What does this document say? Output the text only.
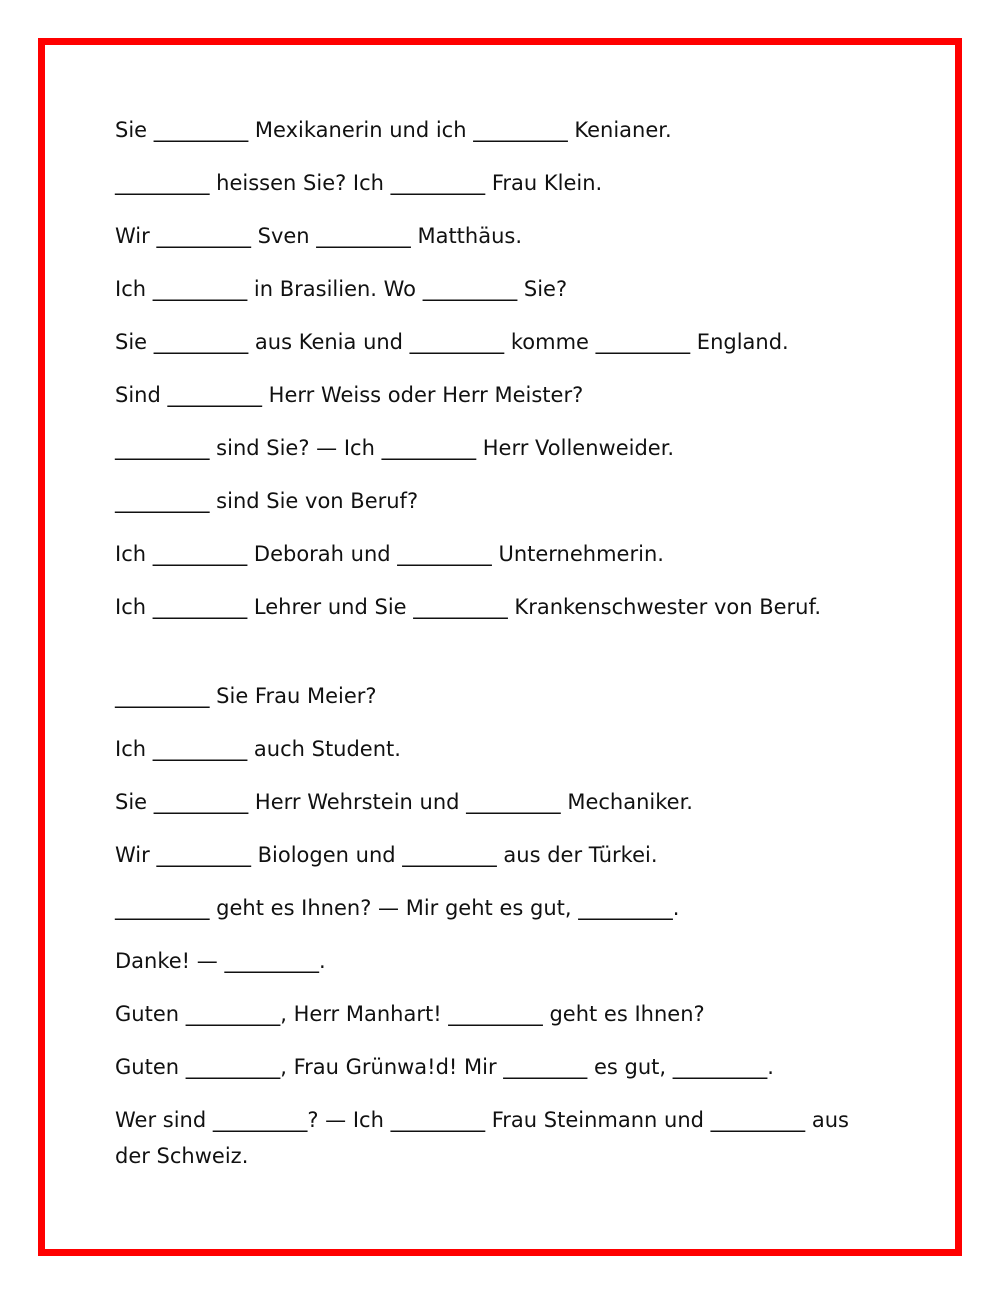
Sie _________ Mexikanerin und ich _________ Kenianer.

_________ heissen Sie? Ich _________ Frau Klein.

Wir _________ Sven _________ Matthäus.

Ich _________ in Brasilien. Wo _________ Sie?

Sie _________ aus Kenia und _________ komme _________ England.

Sind _________ Herr Weiss oder Herr Meister?

_________ sind Sie? — Ich _________ Herr Vollenweider.

_________ sind Sie von Beruf?

Ich _________ Deborah und _________ Unternehmerin.

Ich _________ Lehrer und Sie _________ Krankenschwester von Beruf.

_________ Sie Frau Meier?

Ich _________ auch Student.

Sie _________ Herr Wehrstein und _________ Mechaniker.

Wir _________ Biologen und _________ aus der Türkei.

_________ geht es Ihnen? — Mir geht es gut, _________.

Danke! — _________.

Guten _________, Herr Manhart! _________ geht es Ihnen?

Guten _________, Frau Grünwa!d! Mir ________ es gut, _________.

Wer sind _________? — Ich _________ Frau Steinmann und _________ aus der Schweiz.
